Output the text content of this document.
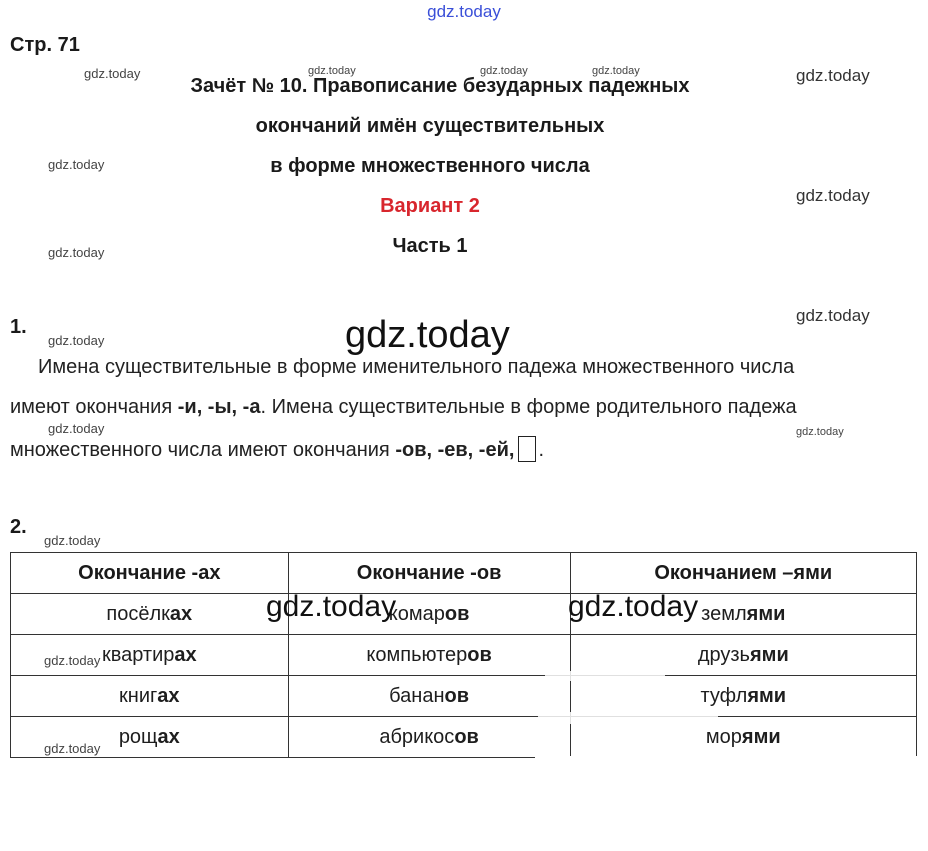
gdz.today
gdz.today	gdz.today	gdz.today	gdz.today	gdz.today
gdz.today
gdz.today
gdz.today
gdz.today
gdz.today	gdz.today
gdz.today	gdz.today
gdz.today
Стр. 71
Зачёт № 10. Правописание безударных падежных
окончаний имён существительных
в форме множественного числа
Вариант 2
Часть 1
1.
Имена существительные в форме именительного падежа множественного числа
имеют окончания -и, -ы, -а. Имена существительные в форме родительного падежа
множественного числа имеют окончания -ов, -ев, -ей, .
2.
Окончание -ах	Окончание -ов	Окончанием –ями
посёлках	комаров	землями
квартирах	компьютеров	друзьями
книгах	бананов	туфлями
рощах	абрикосов	морями
gdz.today	gdz.today
gdz.today
gdz.today
